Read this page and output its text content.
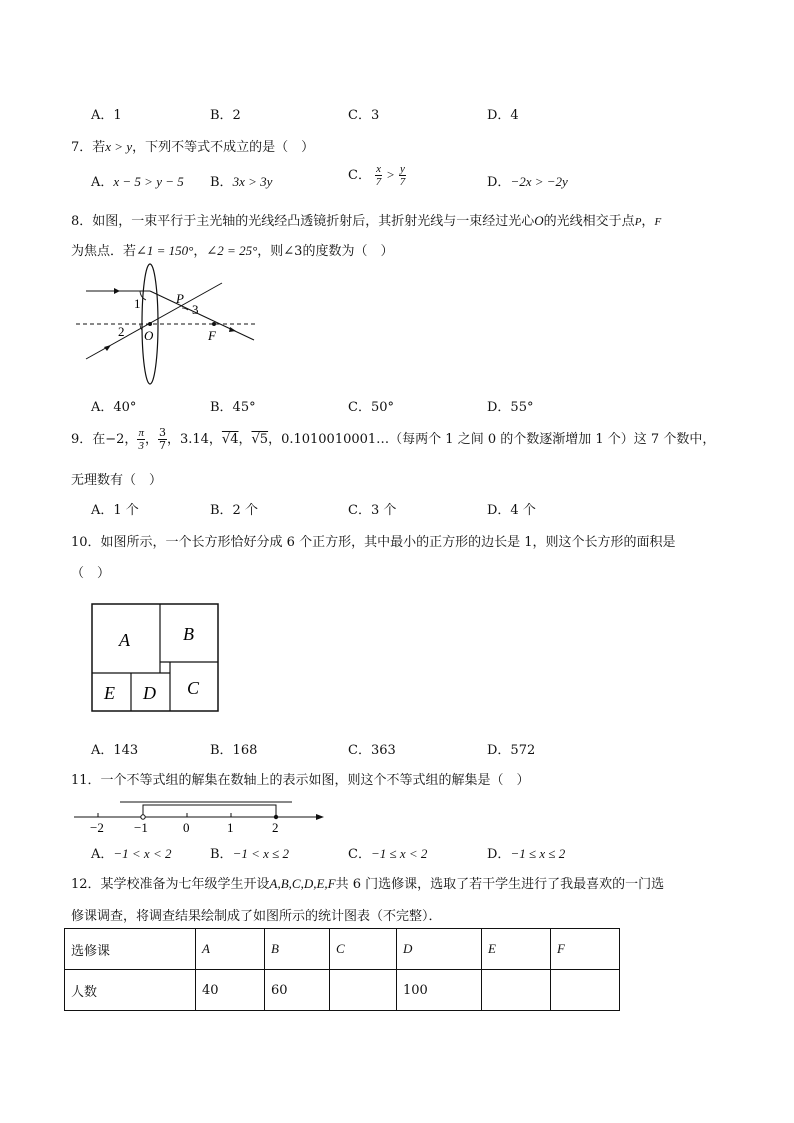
A．1	B．2	C．3	D．4
7．若x > y，下列不等式不成立的是（　）
A．x − 5 > y − 5 B．3x > 3y	C． $\frac{x}{7} > \frac{y}{7}$	D．−2x > −2y
8．如图，一束平行于主光轴的光线经凸透镜折射后，其折射光线与一束经过光心O的光线相交于点P，F
为焦点．若∠1 = 150°，∠2 = 25°，则∠3的度数为（　）
1
2
3
P
O	F
A．40°	B．45°	C．50°	D．55°
9．在−2， $\frac{\pi}{3}$ ， $\frac{3}{7}$ ，3.14，√4，√5，0.1010010001…（每两个 1 之间 0 的个数逐渐增加 1 个）这 7 个数中，
无理数有（　）
A．1 个	B．2 个	C．3 个	D．4 个
10．如图所示，一个长方形恰好分成 6 个正方形，其中最小的正方形的边长是 1，则这个长方形的面积是
（　）
A	B
C
D
E
A．143	B．168	C．363	D．572
11．一个不等式组的解集在数轴上的表示如图，则这个不等式组的解集是（　）
−2 −1	0	1	2
A．−1 < x < 2	B．−1 < x ≤ 2	C．−1 ≤ x < 2	D．−1 ≤ x ≤ 2
12．某学校准备为七年级学生开设A,B,C,D,E,F共 6 门选修课，选取了若干学生进行了我最喜欢的一门选
修课调查，将调查结果绘制成了如图所示的统计图表（不完整）．
选修课	A	B	C	D	E	F
人数	40	60		100		
